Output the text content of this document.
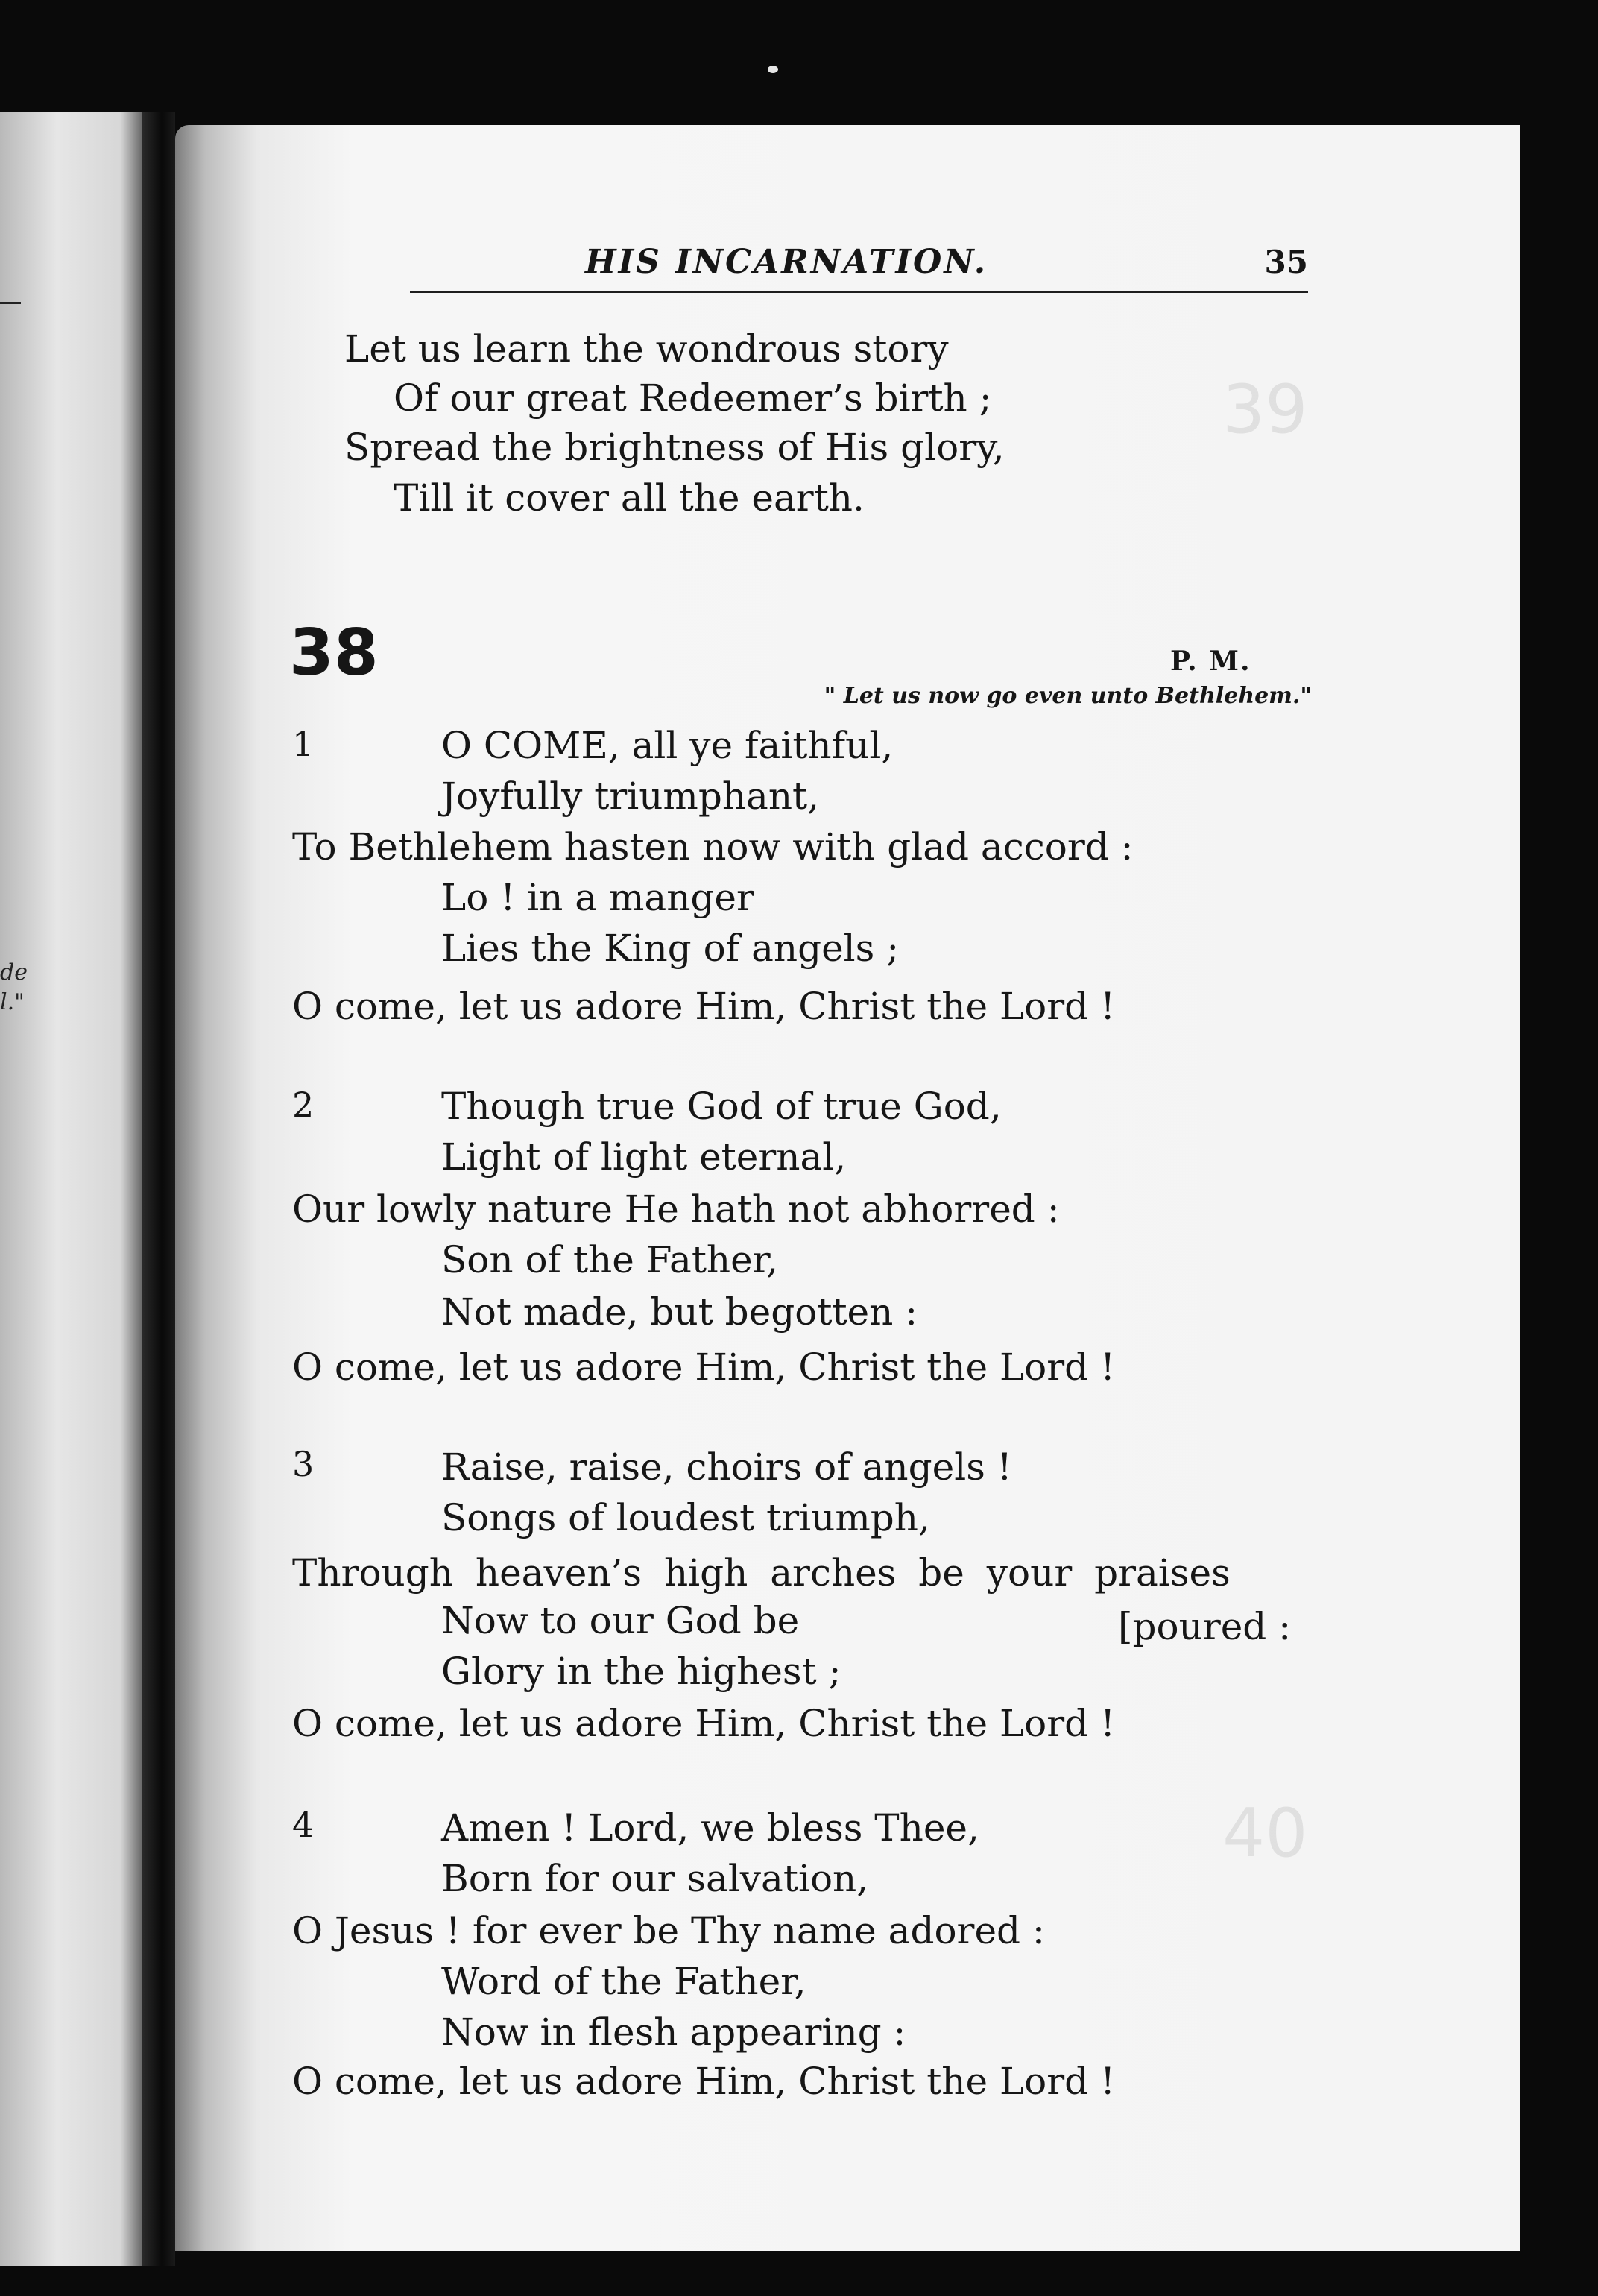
de
l."
39
40
HIS INCARNATION.	35
Let us learn the wondrous story
Of our great Redeemer’s birth ;
Spread the brightness of His glory,
Till it cover all the earth.
38	P. M.
" Let us now go even unto Bethlehem."
1	O COME, all ye faithful,
Joyfully triumphant,
To Bethlehem hasten now with glad accord :
Lo ! in a manger
Lies the King of angels ;
O come, let us adore Him, Christ the Lord !
2	Though true God of true God,
Light of light eternal,
Our lowly nature He hath not abhorred :
Son of the Father,
Not made, but begotten :
O come, let us adore Him, Christ the Lord !
3	Raise, raise, choirs of angels !
Songs of loudest triumph,
Through heaven’s high arches be your praises
Now to our God be	[poured :
Glory in the highest ;
O come, let us adore Him, Christ the Lord !
4	Amen ! Lord, we bless Thee,
Born for our salvation,
O Jesus ! for ever be Thy name adored :
Word of the Father,
Now in flesh appearing :
O come, let us adore Him, Christ the Lord !
